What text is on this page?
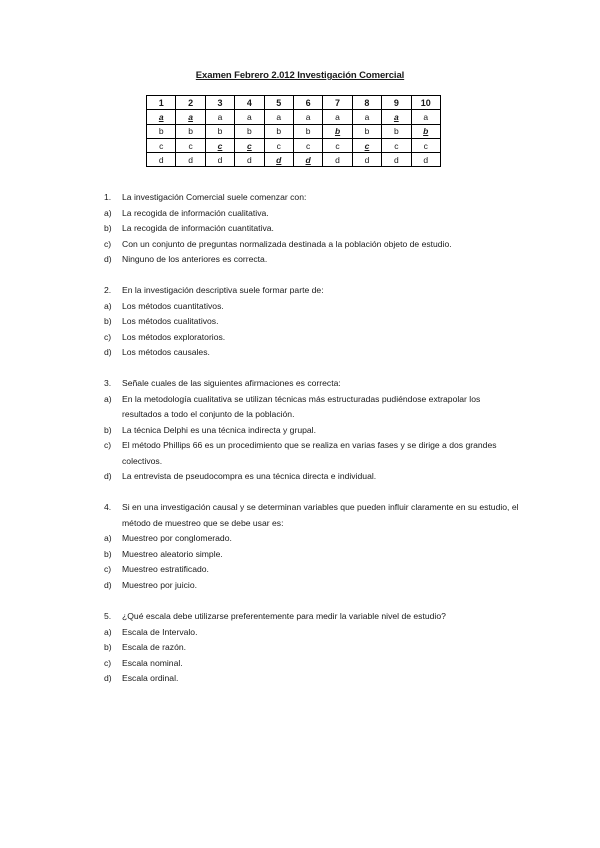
Examen Febrero 2.012 Investigación Comercial
1	2	3	4	5	6	7	8	9	10
a	a	a	a	a	a	a	a	a	a
b	b	b	b	b	b	b	b	b	b
c	c	c	c	c	c	c	c	c	c
d	d	d	d	d	d	d	d	d	d
1.	La investigación Comercial suele comenzar con:
a)	La recogida de información cualitativa.
b)	La recogida de información cuantitativa.
c)	Con un conjunto de preguntas normalizada destinada a la población objeto de estudio.
d)	Ninguno de los anteriores es correcta.
2.	En la investigación descriptiva suele formar parte de:
a)	Los métodos cuantitativos.
b)	Los métodos cualitativos.
c)	Los métodos exploratorios.
d)	Los métodos causales.
3.	Señale cuales de las siguientes afirmaciones es correcta:
a)	En la metodología cualitativa se utilizan técnicas más estructuradas pudiéndose extrapolar los resultados a todo el conjunto de la población.
b)	La técnica Delphi es una técnica indirecta y grupal.
c)	El método Phillips 66 es un procedimiento que se realiza en varias fases y se dirige a dos grandes colectivos.
d)	La entrevista de pseudocompra es una técnica directa e individual.
4.	Si en una investigación causal y se determinan variables que pueden influir claramente en su estudio, el método de muestreo que se debe usar es:
a)	Muestreo por conglomerado.
b)	Muestreo aleatorio simple.
c)	Muestreo estratificado.
d)	Muestreo por juicio.
5.	¿Qué escala debe utilizarse preferentemente para medir la variable nivel de estudio?
a)	Escala de Intervalo.
b)	Escala de razón.
c)	Escala nominal.
d)	Escala ordinal.
